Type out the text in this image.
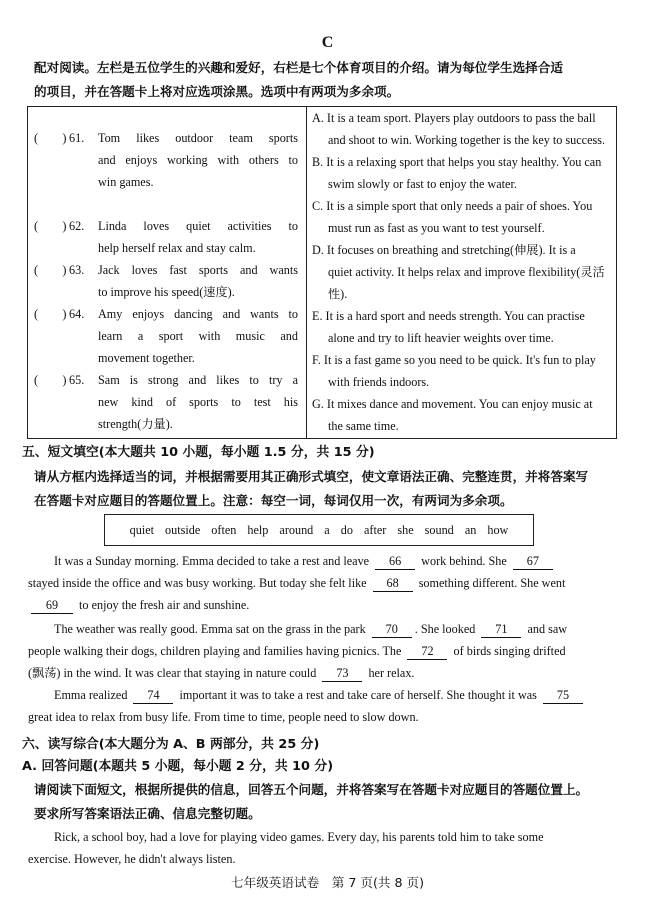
C
配对阅读。左栏是五位学生的兴趣和爱好，右栏是七个体育项目的介绍。请为每位学生选择合适
的项目，并在答题卡上将对应选项涂黑。选项中有两项为多余项。
(　　) 61. Tom likes outdoor team sports
and enjoys working with others to
win games.
(　　) 62. Linda loves quiet activities to
help herself relax and stay calm.
(　　) 63. Jack loves fast sports and wants
to improve his speed(速度).
(　　) 64. Amy enjoys dancing and wants to
learn a sport with music and
movement together.
(　　) 65. Sam is strong and likes to try a
new kind of sports to test his
strength(力量).
A. It is a team sport. Players play outdoors to pass the ball
and shoot to win. Working together is the key to success.
B. It is a relaxing sport that helps you stay healthy. You can
swim slowly or fast to enjoy the water.
C. It is a simple sport that only needs a pair of shoes. You
must run as fast as you want to test yourself.
D. It focuses on breathing and stretching(伸展). It is a
quiet activity. It helps relax and improve flexibility(灵活
性).
E. It is a hard sport and needs strength. You can practise
alone and try to lift heavier weights over time.
F. It is a fast game so you need to be quick. It's fun to play
with friends indoors.
G. It mixes dance and movement. You can enjoy music at
the same time.
五、短文填空(本大题共 10 小题，每小题 1.5 分，共 15 分)
请从方框内选择适当的词，并根据需要用其正确形式填空，使文章语法正确、完整连贯，并将答案写
在答题卡对应题目的答题位置上。注意：每空一词，每词仅用一次，有两词为多余项。
quiet outside often help around a do after she sound an how
It was a Sunday morning. Emma decided to take a rest and leave 66 work behind. She 67
stayed inside the office and was busy working. But today she felt like 68 something different. She went
69 to enjoy the fresh air and sunshine.
The weather was really good. Emma sat on the grass in the park 70 . She looked 71 and saw
people walking their dogs, children playing and families having picnics. The 72 of birds singing drifted
(飘荡) in the wind. It was clear that staying in nature could 73 her relax.
Emma realized 74 important it was to take a rest and take care of herself. She thought it was 75
great idea to relax from busy life. From time to time, people need to slow down.
六、读写综合(本大题分为 A、B 两部分，共 25 分)
A. 回答问题(本题共 5 小题，每小题 2 分，共 10 分)
请阅读下面短文，根据所提供的信息，回答五个问题，并将答案写在答题卡对应题目的答题位置上。
要求所写答案语法正确、信息完整切题。
Rick, a school boy, had a love for playing video games. Every day, his parents told him to take some
exercise. However, he didn't always listen.
七年级英语试卷　第 7 页(共 8 页)
